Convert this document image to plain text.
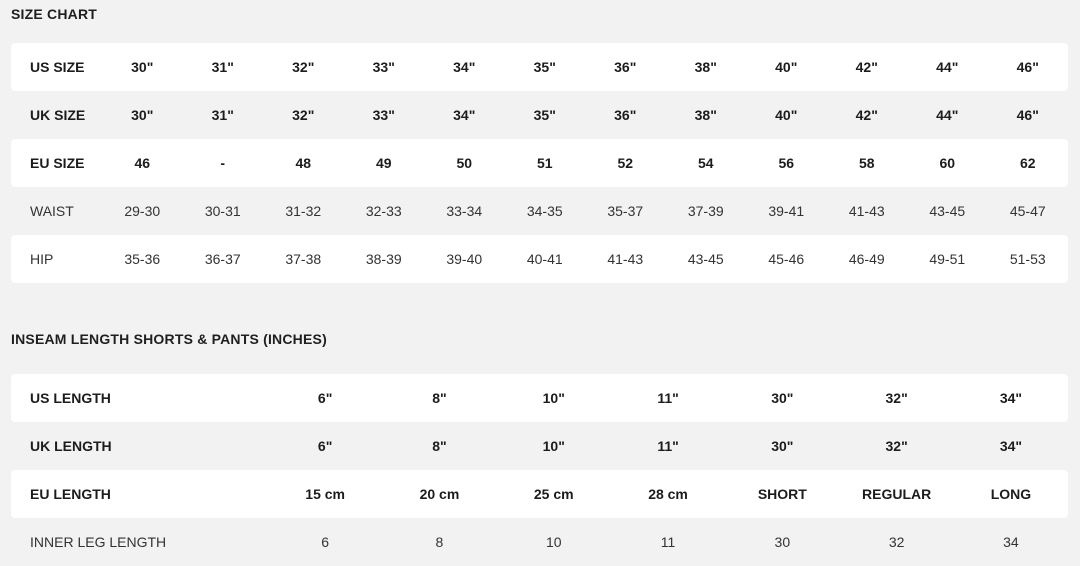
SIZE CHART
US SIZE	30"	31"	32"	33"	34"	35"	36"	38"	40"	42"	44"	46"
UK SIZE	30"	31"	32"	33"	34"	35"	36"	38"	40"	42"	44"	46"
EU SIZE	46	-	48	49	50	51	52	54	56	58	60	62
WAIST	29-30	30-31	31-32	32-33	33-34	34-35	35-37	37-39	39-41	41-43	43-45	45-47
HIP	35-36	36-37	37-38	38-39	39-40	40-41	41-43	43-45	45-46	46-49	49-51	51-53
INSEAM LENGTH SHORTS & PANTS (INCHES)
US LENGTH	6"	8"	10"	11"	30"	32"	34"
UK LENGTH	6"	8"	10"	11"	30"	32"	34"
EU LENGTH	15 cm	20 cm	25 cm	28 cm	SHORT	REGULAR	LONG
INNER LEG LENGTH	6	8	10	11	30	32	34
